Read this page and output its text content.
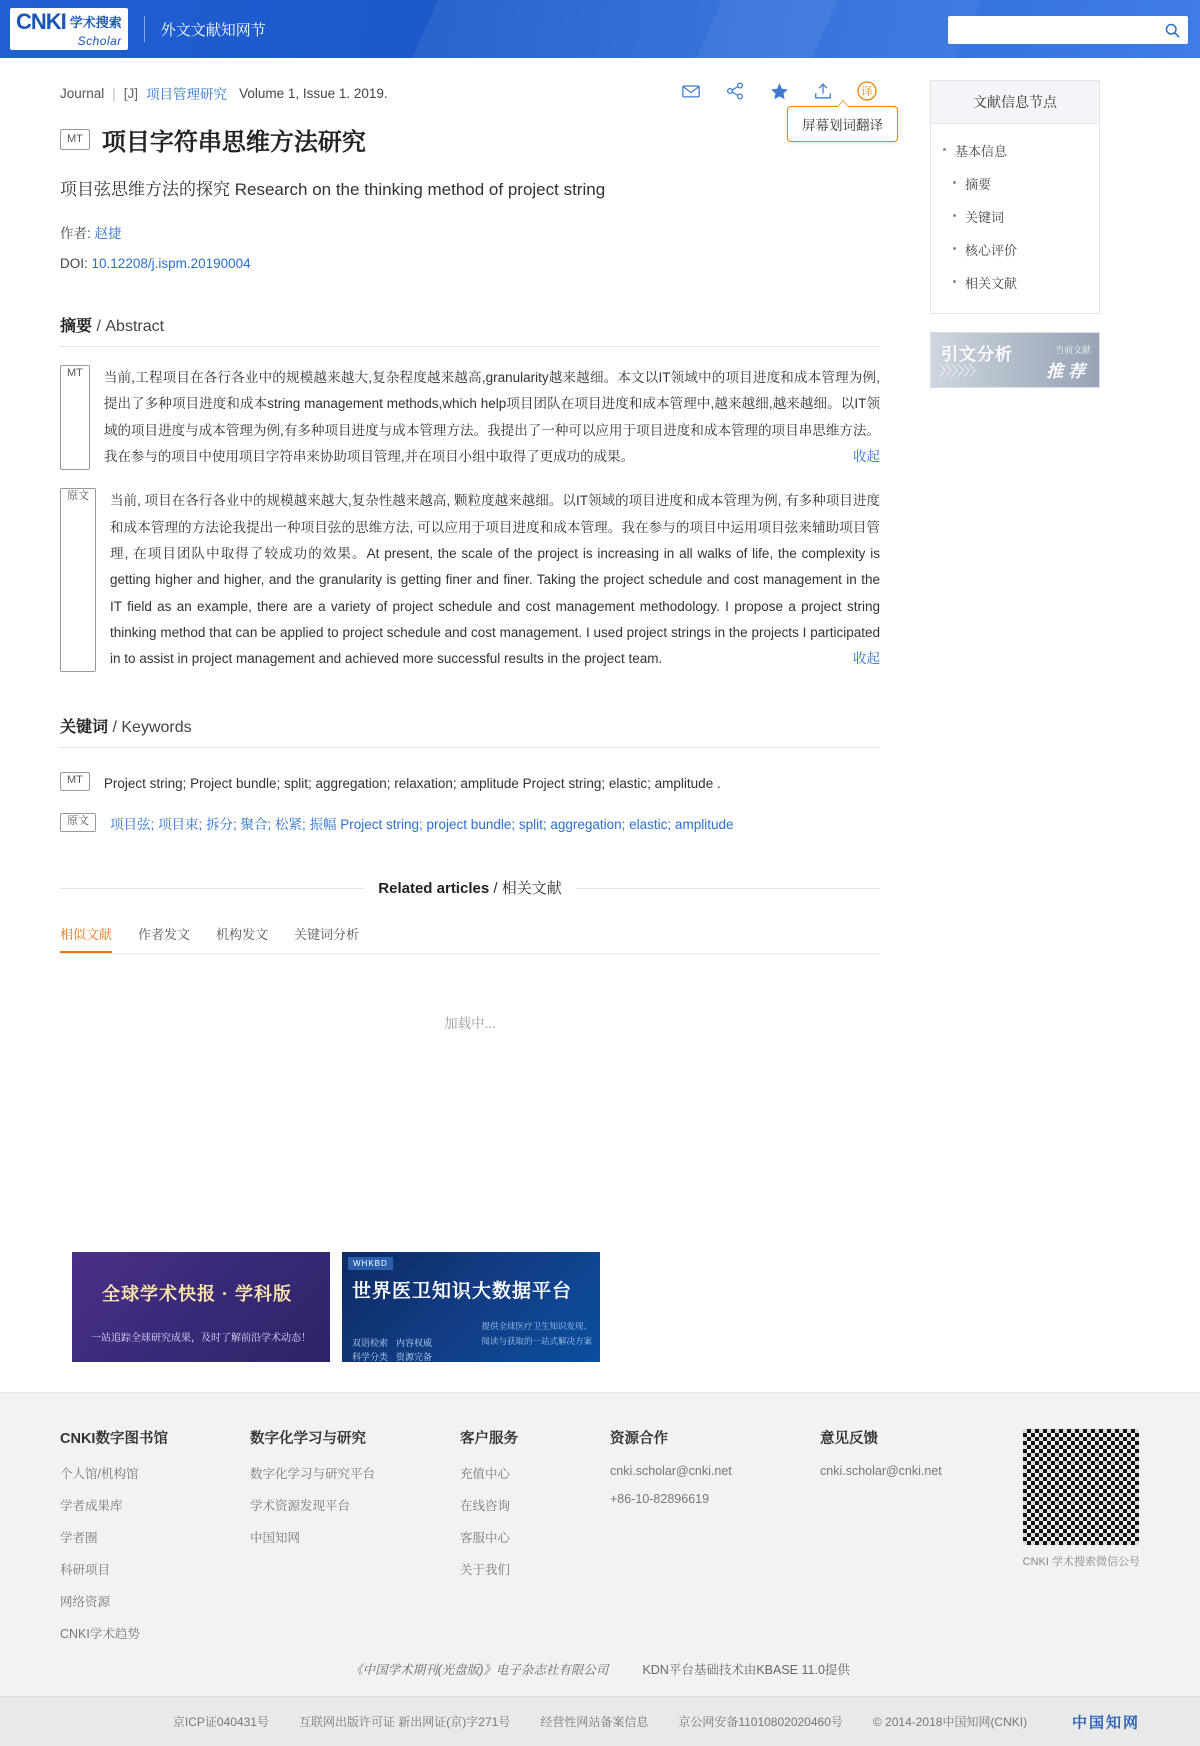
CNKI 学术搜索
Scholar
外文文献知网节
Journal | [J] 项目管理研究 Volume 1, Issue 1. 2019.	译
屏幕划词翻译
MT 项目字符串思维方法研究
项目弦思维方法的探究 Research on the thinking method of project string
作者: 赵捷
DOI: 10.12208/j.ispm.20190004
摘要 / Abstract
MT	当前,工程项目在各行各业中的规模越来越大,复杂程度越来越高,granularity越来越细。本文以IT领域中的项目进度和成本管理为例,提出了多种项目进度和成本string management methods,which help项目团队在项目进度和成本管理中,越来越细,越来越细。以IT领域的项目进度与成本管理为例,有多种项目进度与成本管理方法。我提出了一种可以应用于项目进度和成本管理的项目串思维方法。我在参与的项目中使用项目字符串来协助项目管理,并在项目小组中取得了更成功的成果。	收起
原文	当前, 项目在各行各业中的规模越来越大,复杂性越来越高, 颗粒度越来越细。以IT领域的项目进度和成本管理为例, 有多种项目进度和成本管理的方法论我提出一种项目弦的思维方法, 可以应用于项目进度和成本管理。我在参与的项目中运用项目弦来辅助项目管理, 在项目团队中取得了较成功的效果。At present, the scale of the project is increasing in all walks of life, the complexity is getting higher and higher, and the granularity is getting finer and finer. Taking the project schedule and cost management in the IT field as an example, there are a variety of project schedule and cost management methodology. I propose a project string thinking method that can be applied to project schedule and cost management. I used project strings in the projects I participated in to assist in project management and achieved more successful results in the project team.	收起
关键词 / Keywords
MT	Project string; Project bundle; split; aggregation; relaxation; amplitude Project string; elastic; amplitude .
原文	项目弦; 项目束; 拆分; 聚合; 松紧; 振幅 Project string; project bundle; split; aggregation; elastic; amplitude
Related articles / 相关文献
相似文献 作者发文 机构发文 关键词分析
加载中...
文献信息节点
基本信息
摘要
关键词
核心评价
相关文献
引文分析	当前文献
〉〉〉〉〉〉	推 荐
全球学术快报 · 学科版
一站追踪全球研究成果，及时了解前沿学术动态！
WHKBD
世界医卫知识大数据平台
双语检索 内容权威
科学分类 资源完备
提供全球医疗卫生知识发现、
阅读与获取的一站式解决方案
CNKI数字图书馆
个人馆/机构馆
学者成果库
学者圈
科研项目
网络资源
CNKI学术趋势
数字化学习与研究
数字化学习与研究平台
学术资源发现平台
中国知网
客户服务
充值中心
在线咨询
客服中心
关于我们
资源合作
cnki.scholar@cnki.net
+86-10-82896619
意见反馈
cnki.scholar@cnki.net
CNKI 学术搜索微信公号
《中国学术期刊(光盘版)》电子杂志社有限公司	KDN平台基础技术由KBASE 11.0提供
京ICP证040431号	互联网出版许可证 新出网证(京)字271号	经营性网站备案信息	京公网安备11010802020460号	© 2014-2018中国知网(CNKI)	中国知网
